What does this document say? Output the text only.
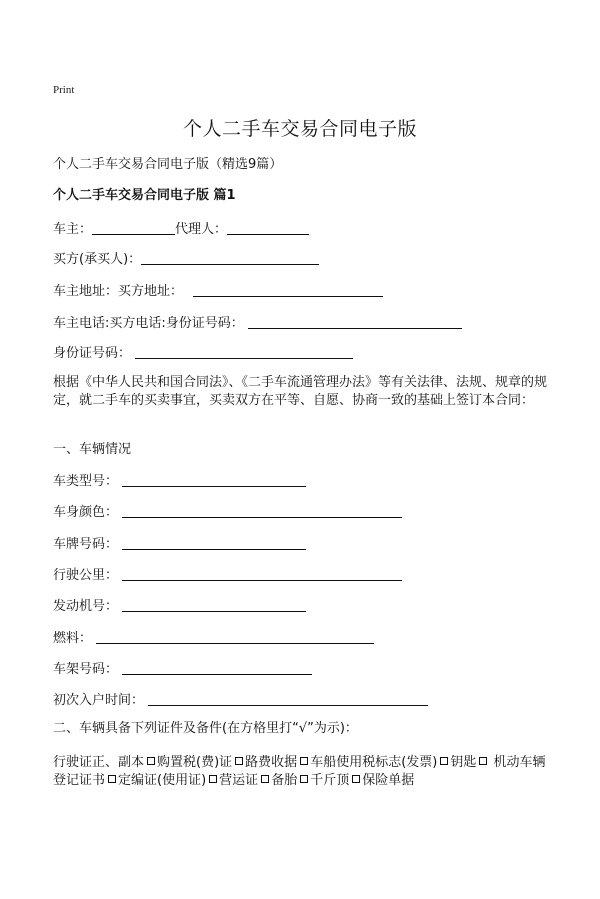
Print
个人二手车交易合同电子版
个人二手车交易合同电子版（精选9篇）
个人二手车交易合同电子版 篇1
车主：	代理人：
买方(承买人)：
车主地址：买方地址：
车主电话:买方电话:身份证号码：
身份证号码：
根据《中华人民共和国合同法》、《二手车流通管理办法》等有关法律、法规、规章的规定，就二手车的买卖事宜，买卖双方在平等、自愿、协商一致的基础上签订本合同：
一、车辆情况
车类型号：
车身颜色：
车牌号码：
行驶公里：
发动机号：
燃料：
车架号码：
初次入户时间：
二、车辆具备下列证件及备件(在方格里打“√”为示)：
行驶证正、副本 购置税(费)证 路费收据 车船使用税标志(发票) 钥匙 机动车辆登记证书 定编证(使用证) 营运证 备胎 千斤顶 保险单据
